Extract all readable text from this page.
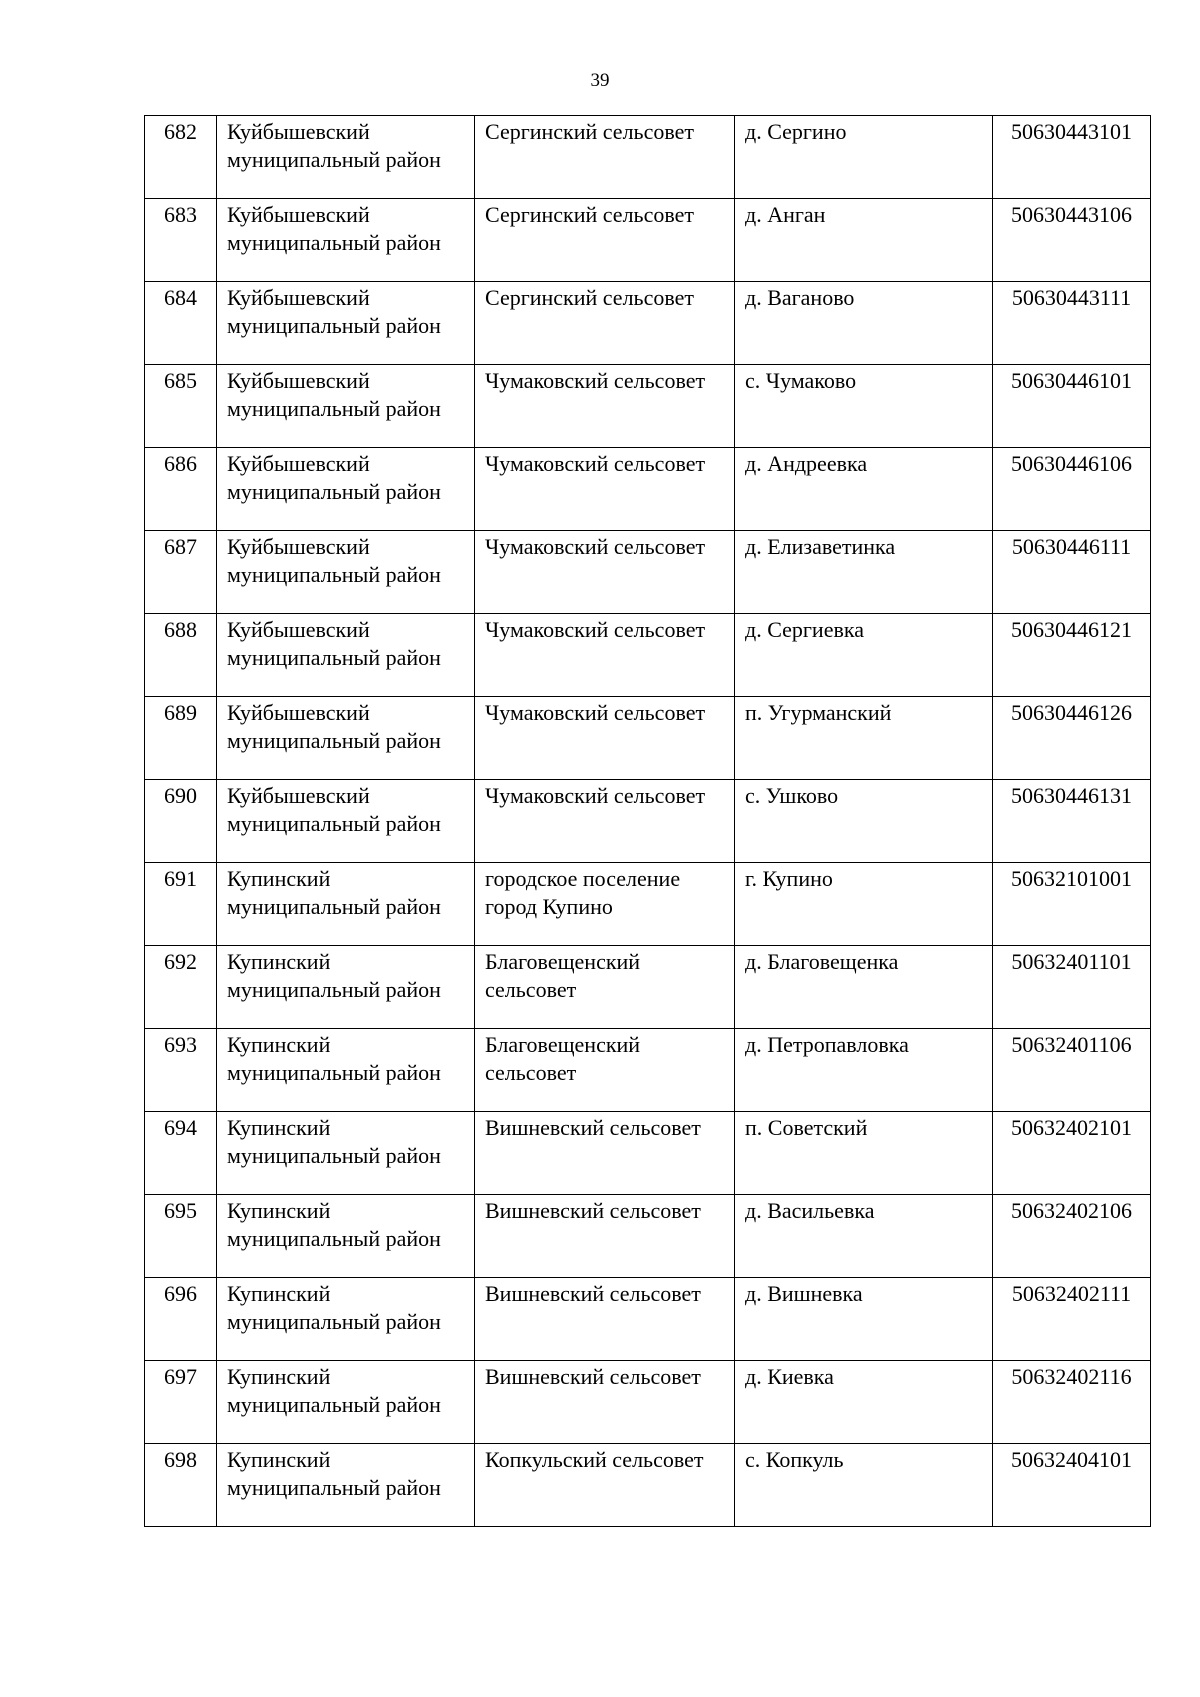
39
682	Куйбышевский муниципальный район	Сергинский сельсовет	д. Сергино	50630443101
683	Куйбышевский муниципальный район	Сергинский сельсовет	д. Анган	50630443106
684	Куйбышевский муниципальный район	Сергинский сельсовет	д. Ваганово	50630443111
685	Куйбышевский муниципальный район	Чумаковский сельсовет	с. Чумаково	50630446101
686	Куйбышевский муниципальный район	Чумаковский сельсовет	д. Андреевка	50630446106
687	Куйбышевский муниципальный район	Чумаковский сельсовет	д. Елизаветинка	50630446111
688	Куйбышевский муниципальный район	Чумаковский сельсовет	д. Сергиевка	50630446121
689	Куйбышевский муниципальный район	Чумаковский сельсовет	п. Угурманский	50630446126
690	Куйбышевский муниципальный район	Чумаковский сельсовет	с. Ушково	50630446131
691	Купинский муниципальный район	городское поселение город Купино	г. Купино	50632101001
692	Купинский муниципальный район	Благовещенский сельсовет	д. Благовещенка	50632401101
693	Купинский муниципальный район	Благовещенский сельсовет	д. Петропавловка	50632401106
694	Купинский муниципальный район	Вишневский сельсовет	п. Советский	50632402101
695	Купинский муниципальный район	Вишневский сельсовет	д. Васильевка	50632402106
696	Купинский муниципальный район	Вишневский сельсовет	д. Вишневка	50632402111
697	Купинский муниципальный район	Вишневский сельсовет	д. Киевка	50632402116
698	Купинский муниципальный район	Копкульский сельсовет	с. Копкуль	50632404101
